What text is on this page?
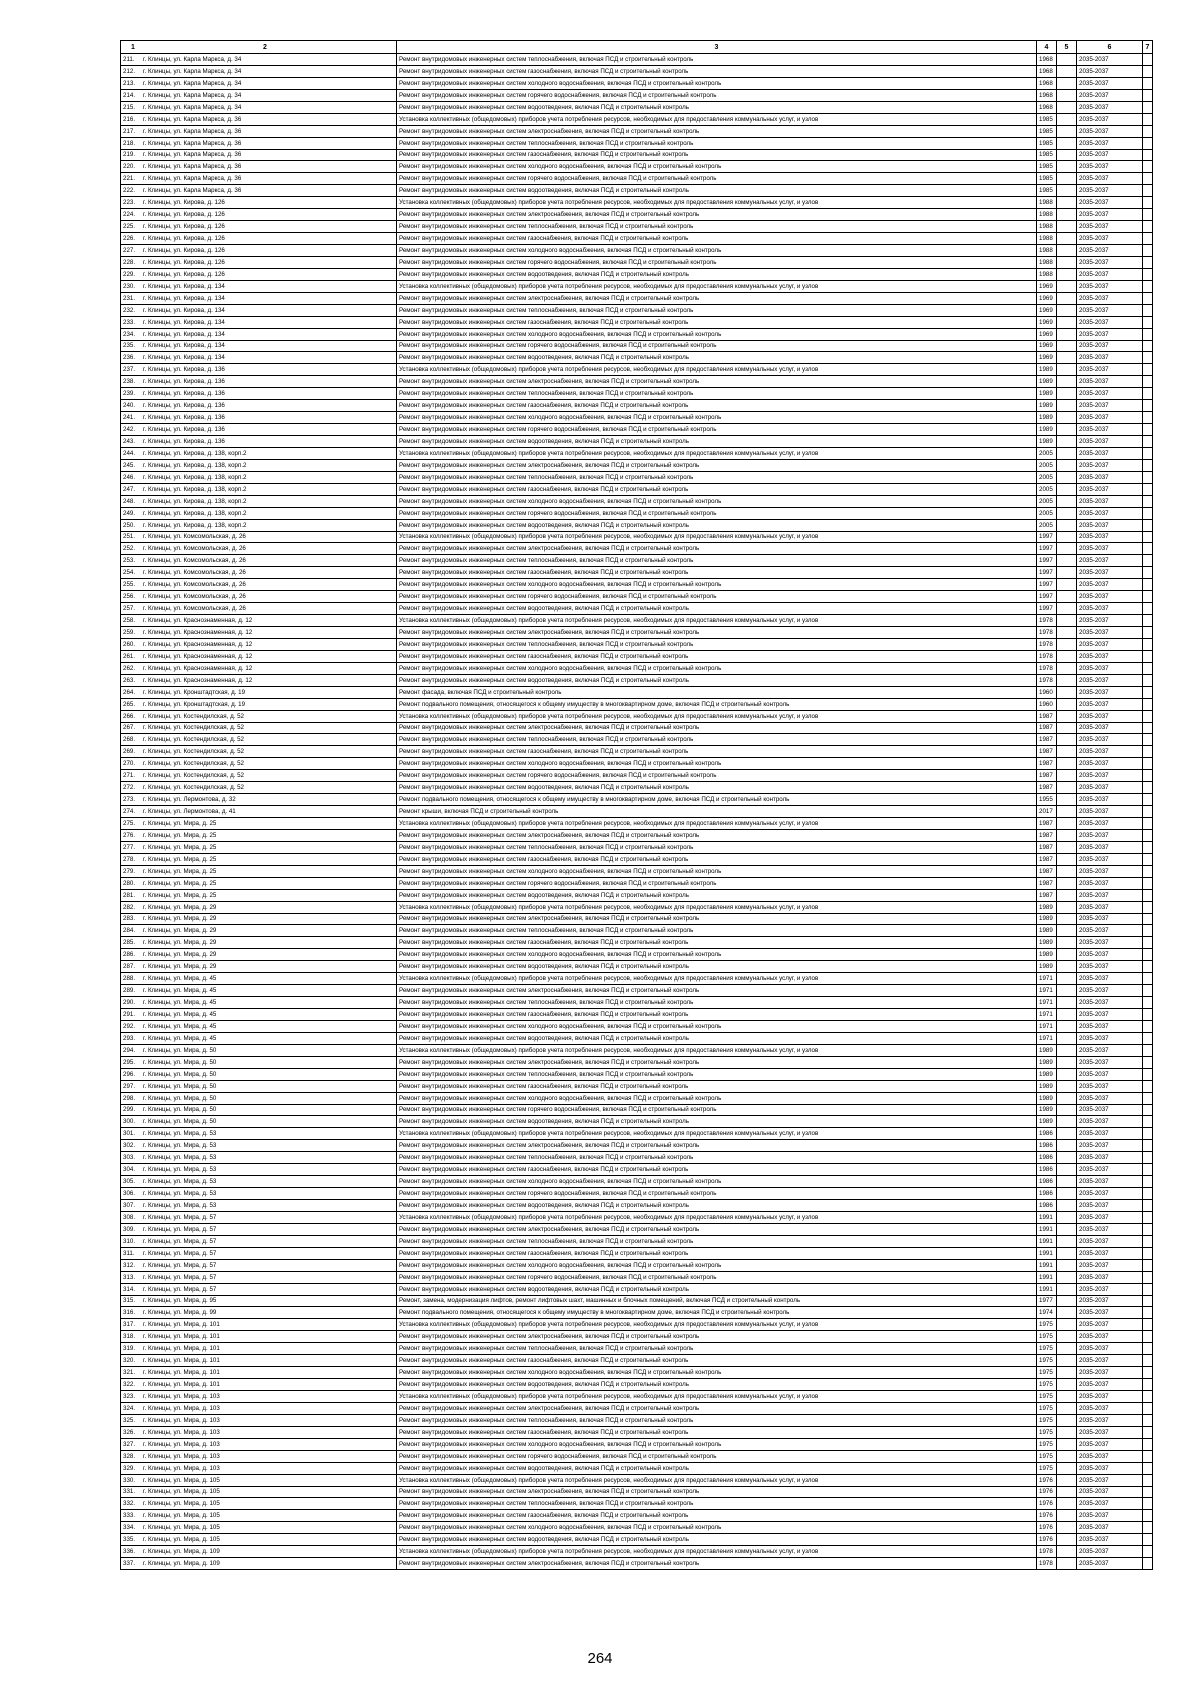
1 2	3	4	5	6	7
211. г. Клинцы, ул. Карла Маркса, д. 34	Ремонт внутридомовых инженерных систем теплоснабжения, включая ПСД и строительный контроль	1968		2035-2037	
212. г. Клинцы, ул. Карла Маркса, д. 34	Ремонт внутридомовых инженерных систем газоснабжения, включая ПСД и строительный контроль	1968		2035-2037	
213. г. Клинцы, ул. Карла Маркса, д. 34	Ремонт внутридомовых инженерных систем холодного водоснабжения, включая ПСД и строительный контроль	1968		2035-2037	
214. г. Клинцы, ул. Карла Маркса, д. 34	Ремонт внутридомовых инженерных систем горячего водоснабжения, включая ПСД и строительный контроль	1968		2035-2037	
215. г. Клинцы, ул. Карла Маркса, д. 34	Ремонт внутридомовых инженерных систем водоотведения, включая ПСД и строительный контроль	1968		2035-2037	
216. г. Клинцы, ул. Карла Маркса, д. 36	Установка коллективных (общедомовых) приборов учета потребления ресурсов, необходимых для предоставления коммунальных услуг, и узлов	1985		2035-2037	
217. г. Клинцы, ул. Карла Маркса, д. 36	Ремонт внутридомовых инженерных систем электроснабжения, включая ПСД и строительный контроль	1985		2035-2037	
218. г. Клинцы, ул. Карла Маркса, д. 36	Ремонт внутридомовых инженерных систем теплоснабжения, включая ПСД и строительный контроль	1985		2035-2037	
219. г. Клинцы, ул. Карла Маркса, д. 36	Ремонт внутридомовых инженерных систем газоснабжения, включая ПСД и строительный контроль	1985		2035-2037	
220. г. Клинцы, ул. Карла Маркса, д. 36	Ремонт внутридомовых инженерных систем холодного водоснабжения, включая ПСД и строительный контроль	1985		2035-2037	
221. г. Клинцы, ул. Карла Маркса, д. 36	Ремонт внутридомовых инженерных систем горячего водоснабжения, включая ПСД и строительный контроль	1985		2035-2037	
222. г. Клинцы, ул. Карла Маркса, д. 36	Ремонт внутридомовых инженерных систем водоотведения, включая ПСД и строительный контроль	1985		2035-2037	
223. г. Клинцы, ул. Кирова, д. 126	Установка коллективных (общедомовых) приборов учета потребления ресурсов, необходимых для предоставления коммунальных услуг, и узлов	1988		2035-2037	
224. г. Клинцы, ул. Кирова, д. 126	Ремонт внутридомовых инженерных систем электроснабжения, включая ПСД и строительный контроль	1988		2035-2037	
225. г. Клинцы, ул. Кирова, д. 126	Ремонт внутридомовых инженерных систем теплоснабжения, включая ПСД и строительный контроль	1988		2035-2037	
226. г. Клинцы, ул. Кирова, д. 126	Ремонт внутридомовых инженерных систем газоснабжения, включая ПСД и строительный контроль	1988		2035-2037	
227. г. Клинцы, ул. Кирова, д. 126	Ремонт внутридомовых инженерных систем холодного водоснабжения, включая ПСД и строительный контроль	1988		2035-2037	
228. г. Клинцы, ул. Кирова, д. 126	Ремонт внутридомовых инженерных систем горячего водоснабжения, включая ПСД и строительный контроль	1988		2035-2037	
229. г. Клинцы, ул. Кирова, д. 126	Ремонт внутридомовых инженерных систем водоотведения, включая ПСД и строительный контроль	1988		2035-2037	
230. г. Клинцы, ул. Кирова, д. 134	Установка коллективных (общедомовых) приборов учета потребления ресурсов, необходимых для предоставления коммунальных услуг, и узлов	1969		2035-2037	
231. г. Клинцы, ул. Кирова, д. 134	Ремонт внутридомовых инженерных систем электроснабжения, включая ПСД и строительный контроль	1969		2035-2037	
232. г. Клинцы, ул. Кирова, д. 134	Ремонт внутридомовых инженерных систем теплоснабжения, включая ПСД и строительный контроль	1969		2035-2037	
233. г. Клинцы, ул. Кирова, д. 134	Ремонт внутридомовых инженерных систем газоснабжения, включая ПСД и строительный контроль	1969		2035-2037	
234. г. Клинцы, ул. Кирова, д. 134	Ремонт внутридомовых инженерных систем холодного водоснабжения, включая ПСД и строительный контроль	1969		2035-2037	
235. г. Клинцы, ул. Кирова, д. 134	Ремонт внутридомовых инженерных систем горячего водоснабжения, включая ПСД и строительный контроль	1969		2035-2037	
236. г. Клинцы, ул. Кирова, д. 134	Ремонт внутридомовых инженерных систем водоотведения, включая ПСД и строительный контроль	1969		2035-2037	
237. г. Клинцы, ул. Кирова, д. 136	Установка коллективных (общедомовых) приборов учета потребления ресурсов, необходимых для предоставления коммунальных услуг, и узлов	1989		2035-2037	
238. г. Клинцы, ул. Кирова, д. 136	Ремонт внутридомовых инженерных систем электроснабжения, включая ПСД и строительный контроль	1989		2035-2037	
239. г. Клинцы, ул. Кирова, д. 136	Ремонт внутридомовых инженерных систем теплоснабжения, включая ПСД и строительный контроль	1989		2035-2037	
240. г. Клинцы, ул. Кирова, д. 136	Ремонт внутридомовых инженерных систем газоснабжения, включая ПСД и строительный контроль	1989		2035-2037	
241. г. Клинцы, ул. Кирова, д. 136	Ремонт внутридомовых инженерных систем холодного водоснабжения, включая ПСД и строительный контроль	1989		2035-2037	
242. г. Клинцы, ул. Кирова, д. 136	Ремонт внутридомовых инженерных систем горячего водоснабжения, включая ПСД и строительный контроль	1989		2035-2037	
243. г. Клинцы, ул. Кирова, д. 136	Ремонт внутридомовых инженерных систем водоотведения, включая ПСД и строительный контроль	1989		2035-2037	
244. г. Клинцы, ул. Кирова, д. 138, корп.2	Установка коллективных (общедомовых) приборов учета потребления ресурсов, необходимых для предоставления коммунальных услуг, и узлов	2005		2035-2037	
245. г. Клинцы, ул. Кирова, д. 138, корп.2	Ремонт внутридомовых инженерных систем электроснабжения, включая ПСД и строительный контроль	2005		2035-2037	
246. г. Клинцы, ул. Кирова, д. 138, корп.2	Ремонт внутридомовых инженерных систем теплоснабжения, включая ПСД и строительный контроль	2005		2035-2037	
247. г. Клинцы, ул. Кирова, д. 138, корп.2	Ремонт внутридомовых инженерных систем газоснабжения, включая ПСД и строительный контроль	2005		2035-2037	
248. г. Клинцы, ул. Кирова, д. 138, корп.2	Ремонт внутридомовых инженерных систем холодного водоснабжения, включая ПСД и строительный контроль	2005		2035-2037	
249. г. Клинцы, ул. Кирова, д. 138, корп.2	Ремонт внутридомовых инженерных систем горячего водоснабжения, включая ПСД и строительный контроль	2005		2035-2037	
250. г. Клинцы, ул. Кирова, д. 138, корп.2	Ремонт внутридомовых инженерных систем водоотведения, включая ПСД и строительный контроль	2005		2035-2037	
251. г. Клинцы, ул. Комсомольская, д. 26	Установка коллективных (общедомовых) приборов учета потребления ресурсов, необходимых для предоставления коммунальных услуг, и узлов	1997		2035-2037	
252. г. Клинцы, ул. Комсомольская, д. 26	Ремонт внутридомовых инженерных систем электроснабжения, включая ПСД и строительный контроль	1997		2035-2037	
253. г. Клинцы, ул. Комсомольская, д. 26	Ремонт внутридомовых инженерных систем теплоснабжения, включая ПСД и строительный контроль	1997		2035-2037	
254. г. Клинцы, ул. Комсомольская, д. 26	Ремонт внутридомовых инженерных систем газоснабжения, включая ПСД и строительный контроль	1997		2035-2037	
255. г. Клинцы, ул. Комсомольская, д. 26	Ремонт внутридомовых инженерных систем холодного водоснабжения, включая ПСД и строительный контроль	1997		2035-2037	
256. г. Клинцы, ул. Комсомольская, д. 26	Ремонт внутридомовых инженерных систем горячего водоснабжения, включая ПСД и строительный контроль	1997		2035-2037	
257. г. Клинцы, ул. Комсомольская, д. 26	Ремонт внутридомовых инженерных систем водоотведения, включая ПСД и строительный контроль	1997		2035-2037	
258. г. Клинцы, ул. Краснознаменная, д. 12	Установка коллективных (общедомовых) приборов учета потребления ресурсов, необходимых для предоставления коммунальных услуг, и узлов	1978		2035-2037	
259. г. Клинцы, ул. Краснознаменная, д. 12	Ремонт внутридомовых инженерных систем электроснабжения, включая ПСД и строительный контроль	1978		2035-2037	
260. г. Клинцы, ул. Краснознаменная, д. 12	Ремонт внутридомовых инженерных систем теплоснабжения, включая ПСД и строительный контроль	1978		2035-2037	
261. г. Клинцы, ул. Краснознаменная, д. 12	Ремонт внутридомовых инженерных систем газоснабжения, включая ПСД и строительный контроль	1978		2035-2037	
262. г. Клинцы, ул. Краснознаменная, д. 12	Ремонт внутридомовых инженерных систем холодного водоснабжения, включая ПСД и строительный контроль	1978		2035-2037	
263. г. Клинцы, ул. Краснознаменная, д. 12	Ремонт внутридомовых инженерных систем водоотведения, включая ПСД и строительный контроль	1978		2035-2037	
264. г. Клинцы, ул. Кронштадтская, д. 19	Ремонт фасада, включая ПСД и строительный контроль	1960		2035-2037	
265. г. Клинцы, ул. Кронштадтская, д. 19	Ремонт подвального помещения, относящегося к общему имуществу в многоквартирном доме, включая ПСД и строительный контроль	1960		2035-2037	
266. г. Клинцы, ул. Костендилская, д. 52	Установка коллективных (общедомовых) приборов учета потребления ресурсов, необходимых для предоставления коммунальных услуг, и узлов	1987		2035-2037	
267. г. Клинцы, ул. Костендилская, д. 52	Ремонт внутридомовых инженерных систем электроснабжения, включая ПСД и строительный контроль	1987		2035-2037	
268. г. Клинцы, ул. Костендилская, д. 52	Ремонт внутридомовых инженерных систем теплоснабжения, включая ПСД и строительный контроль	1987		2035-2037	
269. г. Клинцы, ул. Костендилская, д. 52	Ремонт внутридомовых инженерных систем газоснабжения, включая ПСД и строительный контроль	1987		2035-2037	
270. г. Клинцы, ул. Костендилская, д. 52	Ремонт внутридомовых инженерных систем холодного водоснабжения, включая ПСД и строительный контроль	1987		2035-2037	
271. г. Клинцы, ул. Костендилская, д. 52	Ремонт внутридомовых инженерных систем горячего водоснабжения, включая ПСД и строительный контроль	1987		2035-2037	
272. г. Клинцы, ул. Костендилская, д. 52	Ремонт внутридомовых инженерных систем водоотведения, включая ПСД и строительный контроль	1987		2035-2037	
273. г. Клинцы, ул. Лермонтова, д. 32	Ремонт подвального помещения, относящегося к общему имуществу в многоквартирном доме, включая ПСД и строительный контроль	1955		2035-2037	
274. г. Клинцы, ул. Лермонтова, д. 41	Ремонт крыши, включая ПСД и строительный контроль	2017		2035-2037	
275. г. Клинцы, ул. Мира, д. 25	Установка коллективных (общедомовых) приборов учета потребления ресурсов, необходимых для предоставления коммунальных услуг, и узлов	1987		2035-2037	
276. г. Клинцы, ул. Мира, д. 25	Ремонт внутридомовых инженерных систем электроснабжения, включая ПСД и строительный контроль	1987		2035-2037	
277. г. Клинцы, ул. Мира, д. 25	Ремонт внутридомовых инженерных систем теплоснабжения, включая ПСД и строительный контроль	1987		2035-2037	
278. г. Клинцы, ул. Мира, д. 25	Ремонт внутридомовых инженерных систем газоснабжения, включая ПСД и строительный контроль	1987		2035-2037	
279. г. Клинцы, ул. Мира, д. 25	Ремонт внутридомовых инженерных систем холодного водоснабжения, включая ПСД и строительный контроль	1987		2035-2037	
280. г. Клинцы, ул. Мира, д. 25	Ремонт внутридомовых инженерных систем горячего водоснабжения, включая ПСД и строительный контроль	1987		2035-2037	
281. г. Клинцы, ул. Мира, д. 25	Ремонт внутридомовых инженерных систем водоотведения, включая ПСД и строительный контроль	1987		2035-2037	
282. г. Клинцы, ул. Мира, д. 29	Установка коллективных (общедомовых) приборов учета потребления ресурсов, необходимых для предоставления коммунальных услуг, и узлов	1989		2035-2037	
283. г. Клинцы, ул. Мира, д. 29	Ремонт внутридомовых инженерных систем электроснабжения, включая ПСД и строительный контроль	1989		2035-2037	
284. г. Клинцы, ул. Мира, д. 29	Ремонт внутридомовых инженерных систем теплоснабжения, включая ПСД и строительный контроль	1989		2035-2037	
285. г. Клинцы, ул. Мира, д. 29	Ремонт внутридомовых инженерных систем газоснабжения, включая ПСД и строительный контроль	1989		2035-2037	
286. г. Клинцы, ул. Мира, д. 29	Ремонт внутридомовых инженерных систем холодного водоснабжения, включая ПСД и строительный контроль	1989		2035-2037	
287. г. Клинцы, ул. Мира, д. 29	Ремонт внутридомовых инженерных систем водоотведения, включая ПСД и строительный контроль	1989		2035-2037	
288. г. Клинцы, ул. Мира, д. 45	Установка коллективных (общедомовых) приборов учета потребления ресурсов, необходимых для предоставления коммунальных услуг, и узлов	1971		2035-2037	
289. г. Клинцы, ул. Мира, д. 45	Ремонт внутридомовых инженерных систем электроснабжения, включая ПСД и строительный контроль	1971		2035-2037	
290. г. Клинцы, ул. Мира, д. 45	Ремонт внутридомовых инженерных систем теплоснабжения, включая ПСД и строительный контроль	1971		2035-2037	
291. г. Клинцы, ул. Мира, д. 45	Ремонт внутридомовых инженерных систем газоснабжения, включая ПСД и строительный контроль	1971		2035-2037	
292. г. Клинцы, ул. Мира, д. 45	Ремонт внутридомовых инженерных систем холодного водоснабжения, включая ПСД и строительный контроль	1971		2035-2037	
293. г. Клинцы, ул. Мира, д. 45	Ремонт внутридомовых инженерных систем водоотведения, включая ПСД и строительный контроль	1971		2035-2037	
294. г. Клинцы, ул. Мира, д. 50	Установка коллективных (общедомовых) приборов учета потребления ресурсов, необходимых для предоставления коммунальных услуг, и узлов	1989		2035-2037	
295. г. Клинцы, ул. Мира, д. 50	Ремонт внутридомовых инженерных систем электроснабжения, включая ПСД и строительный контроль	1989		2035-2037	
296. г. Клинцы, ул. Мира, д. 50	Ремонт внутридомовых инженерных систем теплоснабжения, включая ПСД и строительный контроль	1989		2035-2037	
297. г. Клинцы, ул. Мира, д. 50	Ремонт внутридомовых инженерных систем газоснабжения, включая ПСД и строительный контроль	1989		2035-2037	
298. г. Клинцы, ул. Мира, д. 50	Ремонт внутридомовых инженерных систем холодного водоснабжения, включая ПСД и строительный контроль	1989		2035-2037	
299. г. Клинцы, ул. Мира, д. 50	Ремонт внутридомовых инженерных систем горячего водоснабжения, включая ПСД и строительный контроль	1989		2035-2037	
300. г. Клинцы, ул. Мира, д. 50	Ремонт внутридомовых инженерных систем водоотведения, включая ПСД и строительный контроль	1989		2035-2037	
301. г. Клинцы, ул. Мира, д. 53	Установка коллективных (общедомовых) приборов учета потребления ресурсов, необходимых для предоставления коммунальных услуг, и узлов	1986		2035-2037	
302. г. Клинцы, ул. Мира, д. 53	Ремонт внутридомовых инженерных систем электроснабжения, включая ПСД и строительный контроль	1986		2035-2037	
303. г. Клинцы, ул. Мира, д. 53	Ремонт внутридомовых инженерных систем теплоснабжения, включая ПСД и строительный контроль	1986		2035-2037	
304. г. Клинцы, ул. Мира, д. 53	Ремонт внутридомовых инженерных систем газоснабжения, включая ПСД и строительный контроль	1986		2035-2037	
305. г. Клинцы, ул. Мира, д. 53	Ремонт внутридомовых инженерных систем холодного водоснабжения, включая ПСД и строительный контроль	1986		2035-2037	
306. г. Клинцы, ул. Мира, д. 53	Ремонт внутридомовых инженерных систем горячего водоснабжения, включая ПСД и строительный контроль	1986		2035-2037	
307. г. Клинцы, ул. Мира, д. 53	Ремонт внутридомовых инженерных систем водоотведения, включая ПСД и строительный контроль	1986		2035-2037	
308. г. Клинцы, ул. Мира, д. 57	Установка коллективных (общедомовых) приборов учета потребления ресурсов, необходимых для предоставления коммунальных услуг, и узлов	1991		2035-2037	
309. г. Клинцы, ул. Мира, д. 57	Ремонт внутридомовых инженерных систем электроснабжения, включая ПСД и строительный контроль	1991		2035-2037	
310. г. Клинцы, ул. Мира, д. 57	Ремонт внутридомовых инженерных систем теплоснабжения, включая ПСД и строительный контроль	1991		2035-2037	
311. г. Клинцы, ул. Мира, д. 57	Ремонт внутридомовых инженерных систем газоснабжения, включая ПСД и строительный контроль	1991		2035-2037	
312. г. Клинцы, ул. Мира, д. 57	Ремонт внутридомовых инженерных систем холодного водоснабжения, включая ПСД и строительный контроль	1991		2035-2037	
313. г. Клинцы, ул. Мира, д. 57	Ремонт внутридомовых инженерных систем горячего водоснабжения, включая ПСД и строительный контроль	1991		2035-2037	
314. г. Клинцы, ул. Мира, д. 57	Ремонт внутридомовых инженерных систем водоотведения, включая ПСД и строительный контроль	1991		2035-2037	
315. г. Клинцы, ул. Мира, д. 95	Ремонт, замена, модернизация лифтов, ремонт лифтовых шахт, машинных и блочных помещений, включая ПСД и строительный контроль	1977		2035-2037	
316. г. Клинцы, ул. Мира, д. 99	Ремонт подвального помещения, относящегося к общему имуществу в многоквартирном доме, включая ПСД и строительный контроль	1974		2035-2037	
317. г. Клинцы, ул. Мира, д. 101	Установка коллективных (общедомовых) приборов учета потребления ресурсов, необходимых для предоставления коммунальных услуг, и узлов	1975		2035-2037	
318. г. Клинцы, ул. Мира, д. 101	Ремонт внутридомовых инженерных систем электроснабжения, включая ПСД и строительный контроль	1975		2035-2037	
319. г. Клинцы, ул. Мира, д. 101	Ремонт внутридомовых инженерных систем теплоснабжения, включая ПСД и строительный контроль	1975		2035-2037	
320. г. Клинцы, ул. Мира, д. 101	Ремонт внутридомовых инженерных систем газоснабжения, включая ПСД и строительный контроль	1975		2035-2037	
321. г. Клинцы, ул. Мира, д. 101	Ремонт внутридомовых инженерных систем холодного водоснабжения, включая ПСД и строительный контроль	1975		2035-2037	
322. г. Клинцы, ул. Мира, д. 101	Ремонт внутридомовых инженерных систем водоотведения, включая ПСД и строительный контроль	1975		2035-2037	
323. г. Клинцы, ул. Мира, д. 103	Установка коллективных (общедомовых) приборов учета потребления ресурсов, необходимых для предоставления коммунальных услуг, и узлов	1975		2035-2037	
324. г. Клинцы, ул. Мира, д. 103	Ремонт внутридомовых инженерных систем электроснабжения, включая ПСД и строительный контроль	1975		2035-2037	
325. г. Клинцы, ул. Мира, д. 103	Ремонт внутридомовых инженерных систем теплоснабжения, включая ПСД и строительный контроль	1975		2035-2037	
326. г. Клинцы, ул. Мира, д. 103	Ремонт внутридомовых инженерных систем газоснабжения, включая ПСД и строительный контроль	1975		2035-2037	
327. г. Клинцы, ул. Мира, д. 103	Ремонт внутридомовых инженерных систем холодного водоснабжения, включая ПСД и строительный контроль	1975		2035-2037	
328. г. Клинцы, ул. Мира, д. 103	Ремонт внутридомовых инженерных систем горячего водоснабжения, включая ПСД и строительный контроль	1975		2035-2037	
329. г. Клинцы, ул. Мира, д. 103	Ремонт внутридомовых инженерных систем водоотведения, включая ПСД и строительный контроль	1975		2035-2037	
330. г. Клинцы, ул. Мира, д. 105	Установка коллективных (общедомовых) приборов учета потребления ресурсов, необходимых для предоставления коммунальных услуг, и узлов	1976		2035-2037	
331. г. Клинцы, ул. Мира, д. 105	Ремонт внутридомовых инженерных систем электроснабжения, включая ПСД и строительный контроль	1976		2035-2037	
332. г. Клинцы, ул. Мира, д. 105	Ремонт внутридомовых инженерных систем теплоснабжения, включая ПСД и строительный контроль	1976		2035-2037	
333. г. Клинцы, ул. Мира, д. 105	Ремонт внутридомовых инженерных систем газоснабжения, включая ПСД и строительный контроль	1976		2035-2037	
334. г. Клинцы, ул. Мира, д. 105	Ремонт внутридомовых инженерных систем холодного водоснабжения, включая ПСД и строительный контроль	1976		2035-2037	
335. г. Клинцы, ул. Мира, д. 105	Ремонт внутридомовых инженерных систем водоотведения, включая ПСД и строительный контроль	1976		2035-2037	
336. г. Клинцы, ул. Мира, д. 109	Установка коллективных (общедомовых) приборов учета потребления ресурсов, необходимых для предоставления коммунальных услуг, и узлов	1978		2035-2037	
337. г. Клинцы, ул. Мира, д. 109	Ремонт внутридомовых инженерных систем электроснабжения, включая ПСД и строительный контроль	1978		2035-2037	
264
